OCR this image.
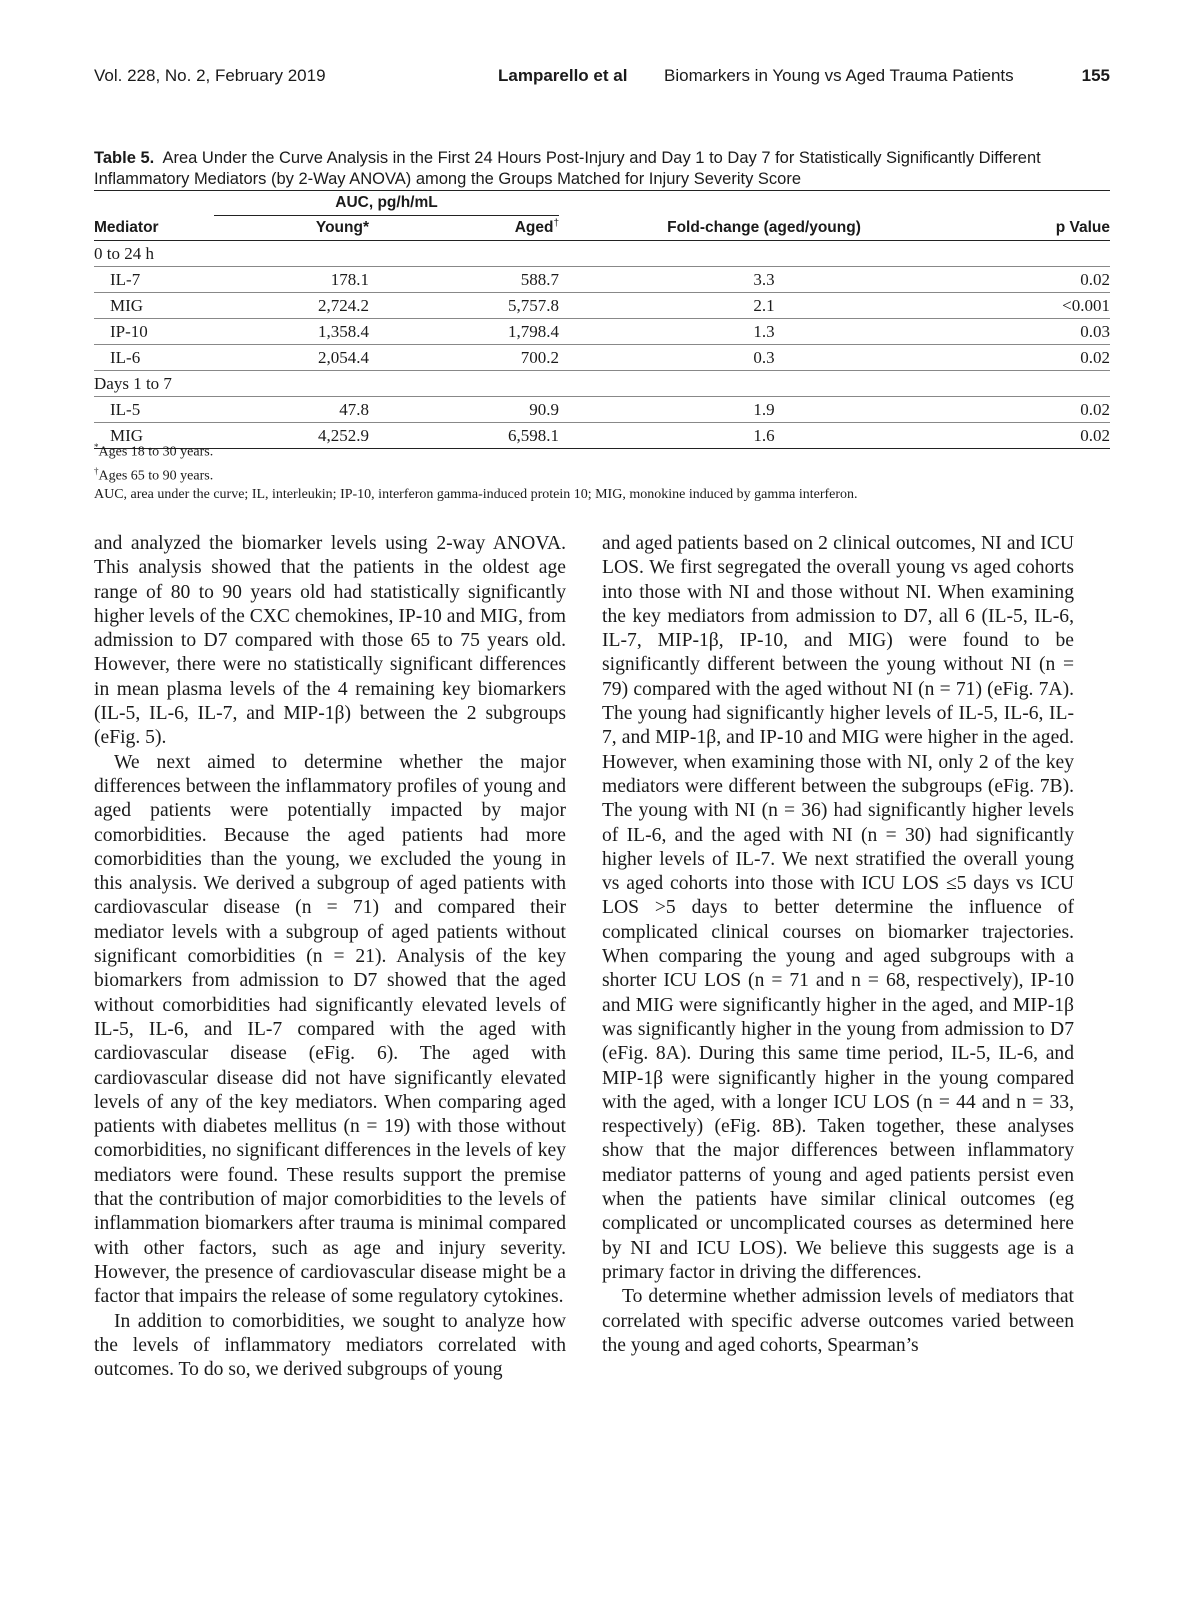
Vol. 228, No. 2, February 2019	Lamparello et al Biomarkers in Young vs Aged Trauma Patients	155
Table 5. Area Under the Curve Analysis in the First 24 Hours Post-Injury and Day 1 to Day 7 for Statistically Significantly Different Inflammatory Mediators (by 2-Way ANOVA) among the Groups Matched for Injury Severity Score
	AUC, pg/h/mL			
Mediator	Young*	Aged†	Fold-change (aged/young)	p Value
0 to 24 h				
IL-7	178.1	588.7	3.3	0.02
MIG	2,724.2	5,757.8	2.1	<0.001
IP-10	1,358.4	1,798.4	1.3	0.03
IL-6	2,054.4	700.2	0.3	0.02
Days 1 to 7				
IL-5	47.8	90.9	1.9	0.02
MIG	4,252.9	6,598.1	1.6	0.02
*Ages 18 to 30 years.
†Ages 65 to 90 years.
AUC, area under the curve; IL, interleukin; IP-10, interferon gamma-induced protein 10; MIG, monokine induced by gamma interferon.

and analyzed the biomarker levels using 2-way ANOVA. This analysis showed that the patients in the oldest age range of 80 to 90 years old had statistically significantly higher levels of the CXC chemokines, IP-10 and MIG, from admission to D7 compared with those 65 to 75 years old. However, there were no statistically significant differences in mean plasma levels of the 4 remaining key biomarkers (IL-5, IL-6, IL-7, and MIP-1β) between the 2 subgroups (eFig. 5).

We next aimed to determine whether the major differences between the inflammatory profiles of young and aged patients were potentially impacted by major comorbidities. Because the aged patients had more comorbidities than the young, we excluded the young in this analysis. We derived a subgroup of aged patients with cardiovascular disease (n = 71) and compared their mediator levels with a subgroup of aged patients without significant comorbidities (n = 21). Analysis of the key biomarkers from admission to D7 showed that the aged without comorbidities had significantly elevated levels of IL-5, IL-6, and IL-7 compared with the aged with cardiovascular disease (eFig. 6). The aged with cardiovascular disease did not have significantly elevated levels of any of the key mediators. When comparing aged patients with diabetes mellitus (n = 19) with those without comorbidities, no significant differences in the levels of key mediators were found. These results support the premise that the contribution of major comorbidities to the levels of inflammation biomarkers after trauma is minimal compared with other factors, such as age and injury severity. However, the presence of cardiovascular disease might be a factor that impairs the release of some regulatory cytokines.

In addition to comorbidities, we sought to analyze how the levels of inflammatory mediators correlated with outcomes. To do so, we derived subgroups of young

and aged patients based on 2 clinical outcomes, NI and ICU LOS. We first segregated the overall young vs aged cohorts into those with NI and those without NI. When examining the key mediators from admission to D7, all 6 (IL-5, IL-6, IL-7, MIP-1β, IP-10, and MIG) were found to be significantly different between the young without NI (n = 79) compared with the aged without NI (n = 71) (eFig. 7A). The young had significantly higher levels of IL-5, IL-6, IL-7, and MIP-1β, and IP-10 and MIG were higher in the aged. However, when examining those with NI, only 2 of the key mediators were different between the subgroups (eFig. 7B). The young with NI (n = 36) had significantly higher levels of IL-6, and the aged with NI (n = 30) had significantly higher levels of IL-7. We next stratified the overall young vs aged cohorts into those with ICU LOS ≤5 days vs ICU LOS >5 days to better determine the influence of complicated clinical courses on biomarker trajectories. When comparing the young and aged subgroups with a shorter ICU LOS (n = 71 and n = 68, respectively), IP-10 and MIG were significantly higher in the aged, and MIP-1β was significantly higher in the young from admission to D7 (eFig. 8A). During this same time period, IL-5, IL-6, and MIP-1β were significantly higher in the young compared with the aged, with a longer ICU LOS (n = 44 and n = 33, respectively) (eFig. 8B). Taken together, these analyses show that the major differences between inflammatory mediator patterns of young and aged patients persist even when the patients have similar clinical outcomes (eg complicated or uncomplicated courses as determined here by NI and ICU LOS). We believe this suggests age is a primary factor in driving the differences.

To determine whether admission levels of mediators that correlated with specific adverse outcomes varied between the young and aged cohorts, Spearman’s
